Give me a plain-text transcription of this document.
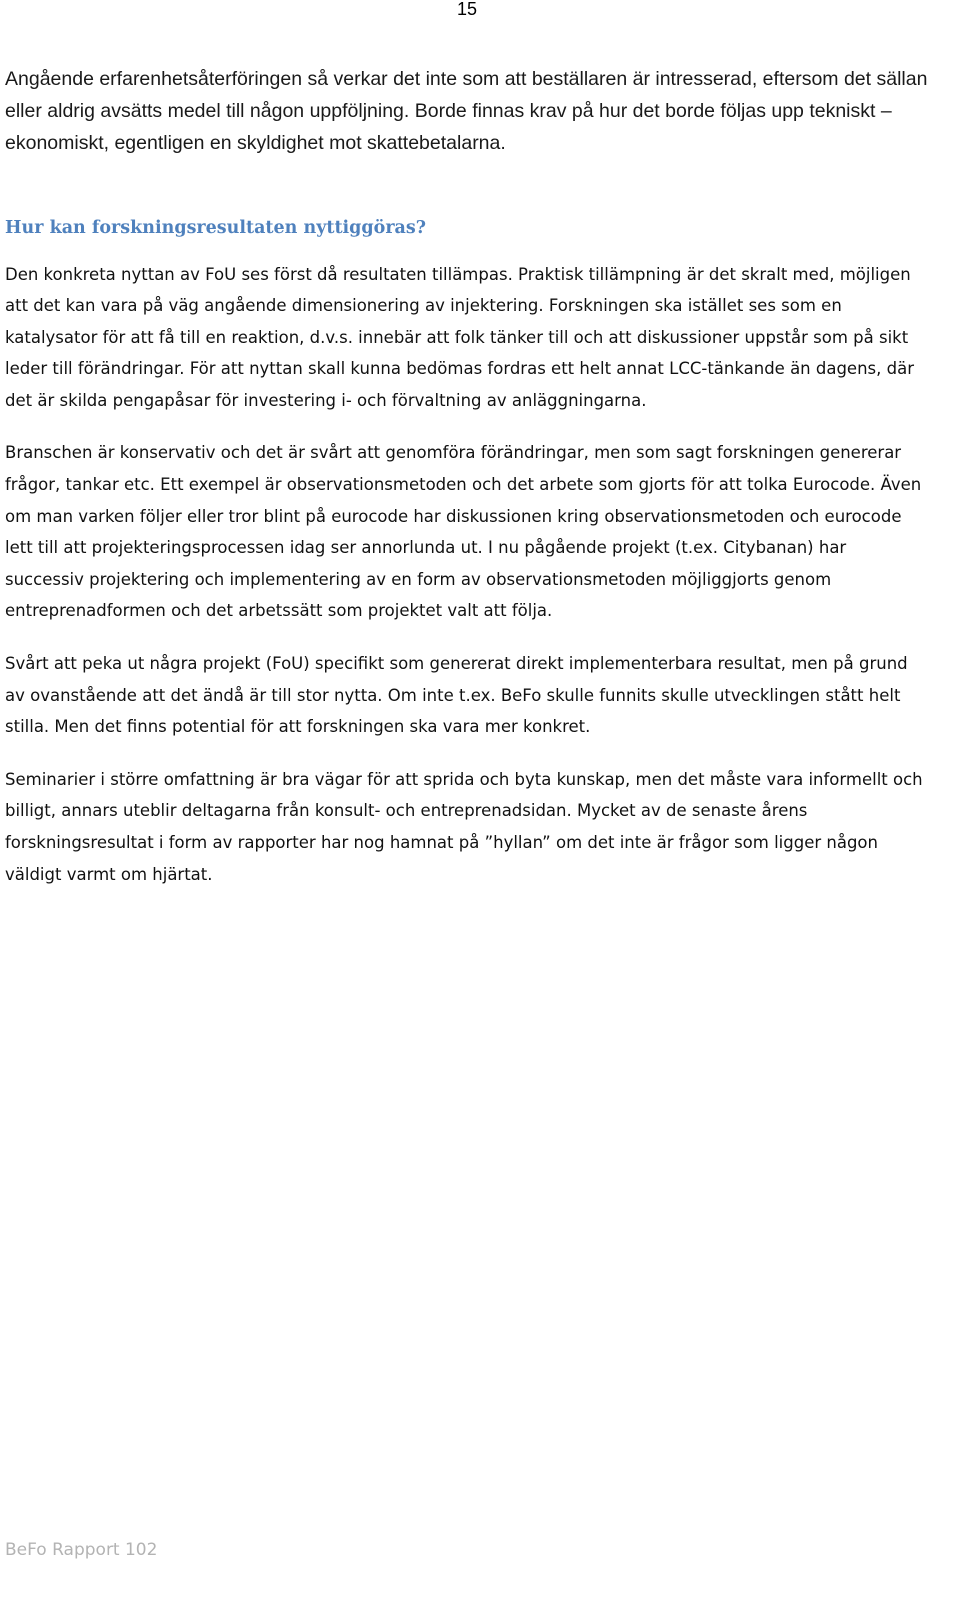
15

Angående erfarenhetsåterföringen så verkar det inte som att beställaren är intresserad, eftersom det sällan eller aldrig avsätts medel till någon uppföljning. Borde finnas krav på hur det borde följas upp tekniskt – ekonomiskt, egentligen en skyldighet mot skattebetalarna.

Hur kan forskningsresultaten nyttiggöras?

Den konkreta nyttan av FoU ses först då resultaten tillämpas. Praktisk tillämpning är det skralt med, möjligen att det kan vara på väg angående dimensionering av injektering. Forskningen ska istället ses som en katalysator för att få till en reaktion, d.v.s. innebär att folk tänker till och att diskussioner uppstår som på sikt leder till förändringar. För att nyttan skall kunna bedömas fordras ett helt annat LCC-tänkande än dagens, där det är skilda pengapåsar för investering i- och förvaltning av anläggningarna.

Branschen är konservativ och det är svårt att genomföra förändringar, men som sagt forskningen genererar frågor, tankar etc. Ett exempel är observationsmetoden och det arbete som gjorts för att tolka Eurocode. Även om man varken följer eller tror blint på eurocode har diskussionen kring observationsmetoden och eurocode lett till att projekteringsprocessen idag ser annorlunda ut. I nu pågående projekt (t.ex. Citybanan) har successiv projektering och implementering av en form av observationsmetoden möjliggjorts genom entreprenadformen och det arbetssätt som projektet valt att följa.

Svårt att peka ut några projekt (FoU) specifikt som genererat direkt implementerbara resultat, men på grund av ovanstående att det ändå är till stor nytta. Om inte t.ex. BeFo skulle funnits skulle utvecklingen stått helt stilla. Men det finns potential för att forskningen ska vara mer konkret.

Seminarier i större omfattning är bra vägar för att sprida och byta kunskap, men det måste vara informellt och billigt, annars uteblir deltagarna från konsult- och entreprenadsidan. Mycket av de senaste årens forskningsresultat i form av rapporter har nog hamnat på ”hyllan” om det inte är frågor som ligger någon väldigt varmt om hjärtat.

BeFo Rapport 102
